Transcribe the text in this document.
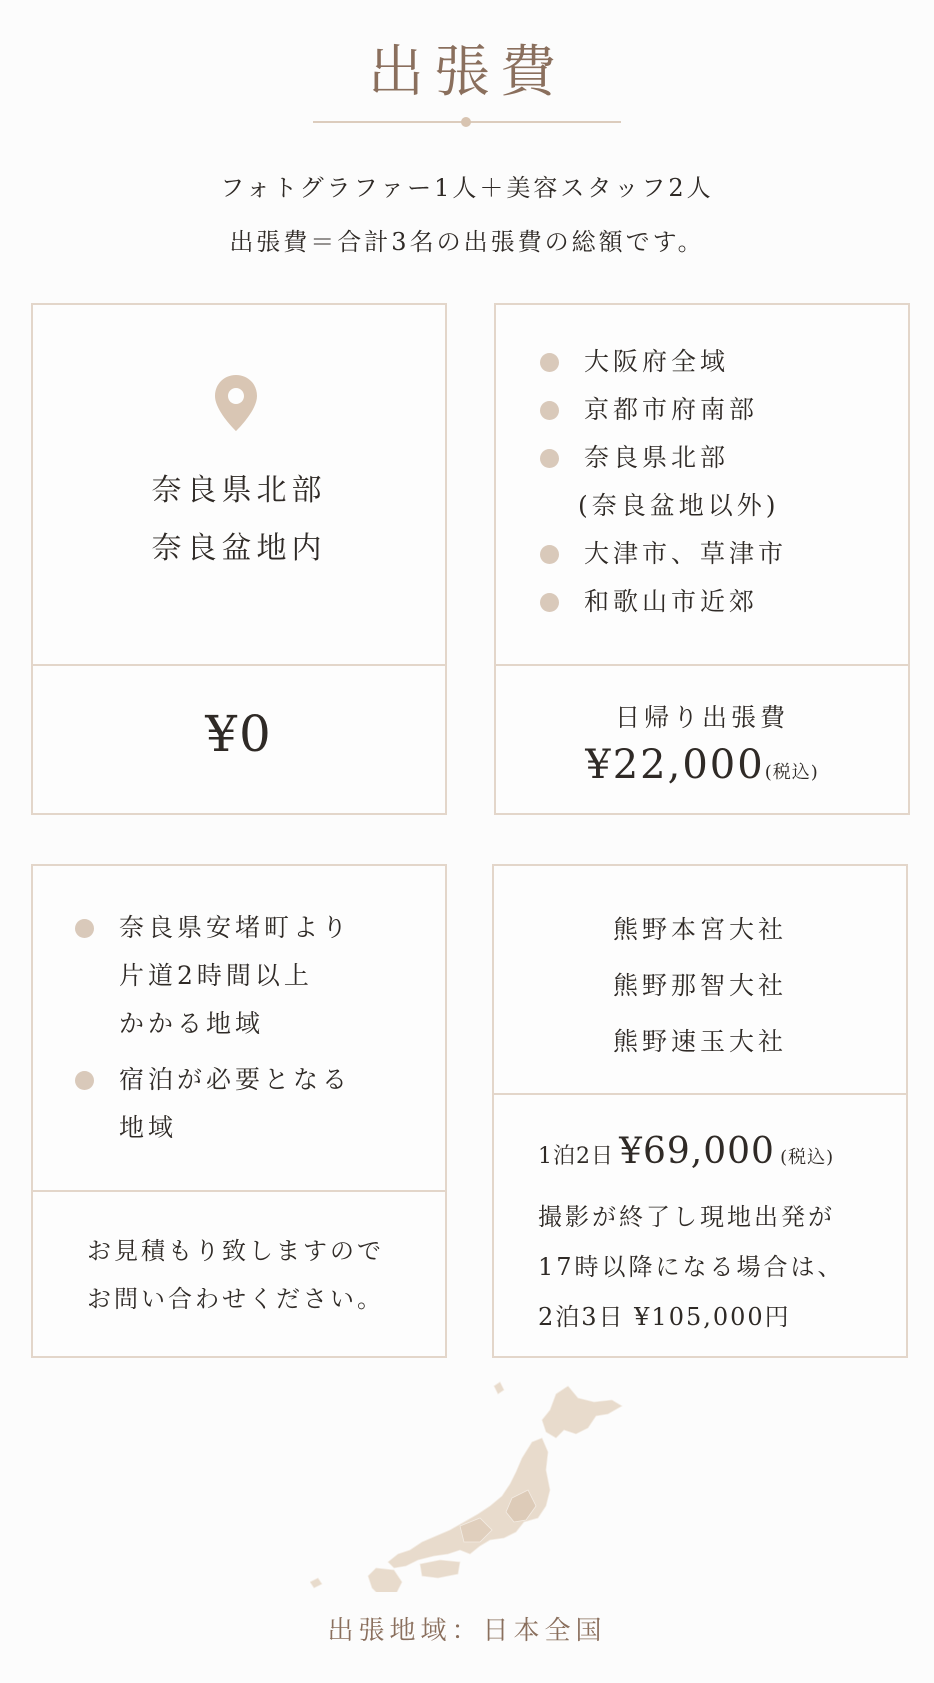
出張費
フォトグラファー1人＋美容スタッフ2人
出張費＝合計3名の出張費の総額です。
奈良県北部
奈良盆地内
¥0
大阪府全域
京都市府南部
奈良県北部
(奈良盆地以外)
大津市、草津市
和歌山市近郊
日帰り出張費
¥22,000(税込)
奈良県安堵町より
片道2時間以上
かかる地域
宿泊が必要となる
地域
お見積もり致しますので
お問い合わせください。
熊野本宮大社
熊野那智大社
熊野速玉大社
1泊2日 ¥69,000 (税込)
撮影が終了し現地出発が
17時以降になる場合は、
2泊3日 ¥105,000円
出張地域：日本全国
